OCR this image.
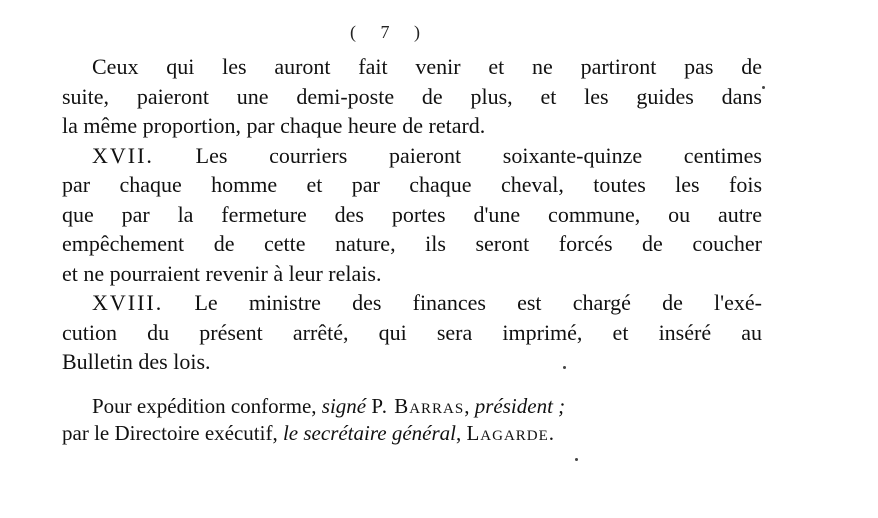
( 7 )
Ceux qui les auront fait venir et ne partiront pas de
suite, paieront une demi-poste de plus, et les guides dans
la même proportion, par chaque heure de retard.
XVII. Les courriers paieront soixante-quinze centimes
par chaque homme et par chaque cheval, toutes les fois
que par la fermeture des portes d'une commune, ou autre
empêchement de cette nature, ils seront forcés de coucher
et ne pourraient revenir à leur relais.
XVIII. Le ministre des finances est chargé de l'exé-
cution du présent arrêté, qui sera imprimé, et inséré au
Bulletin des lois.
Pour expédition conforme, signé P. Barras, président ;
par le Directoire exécutif, le secrétaire général, Lagarde.
